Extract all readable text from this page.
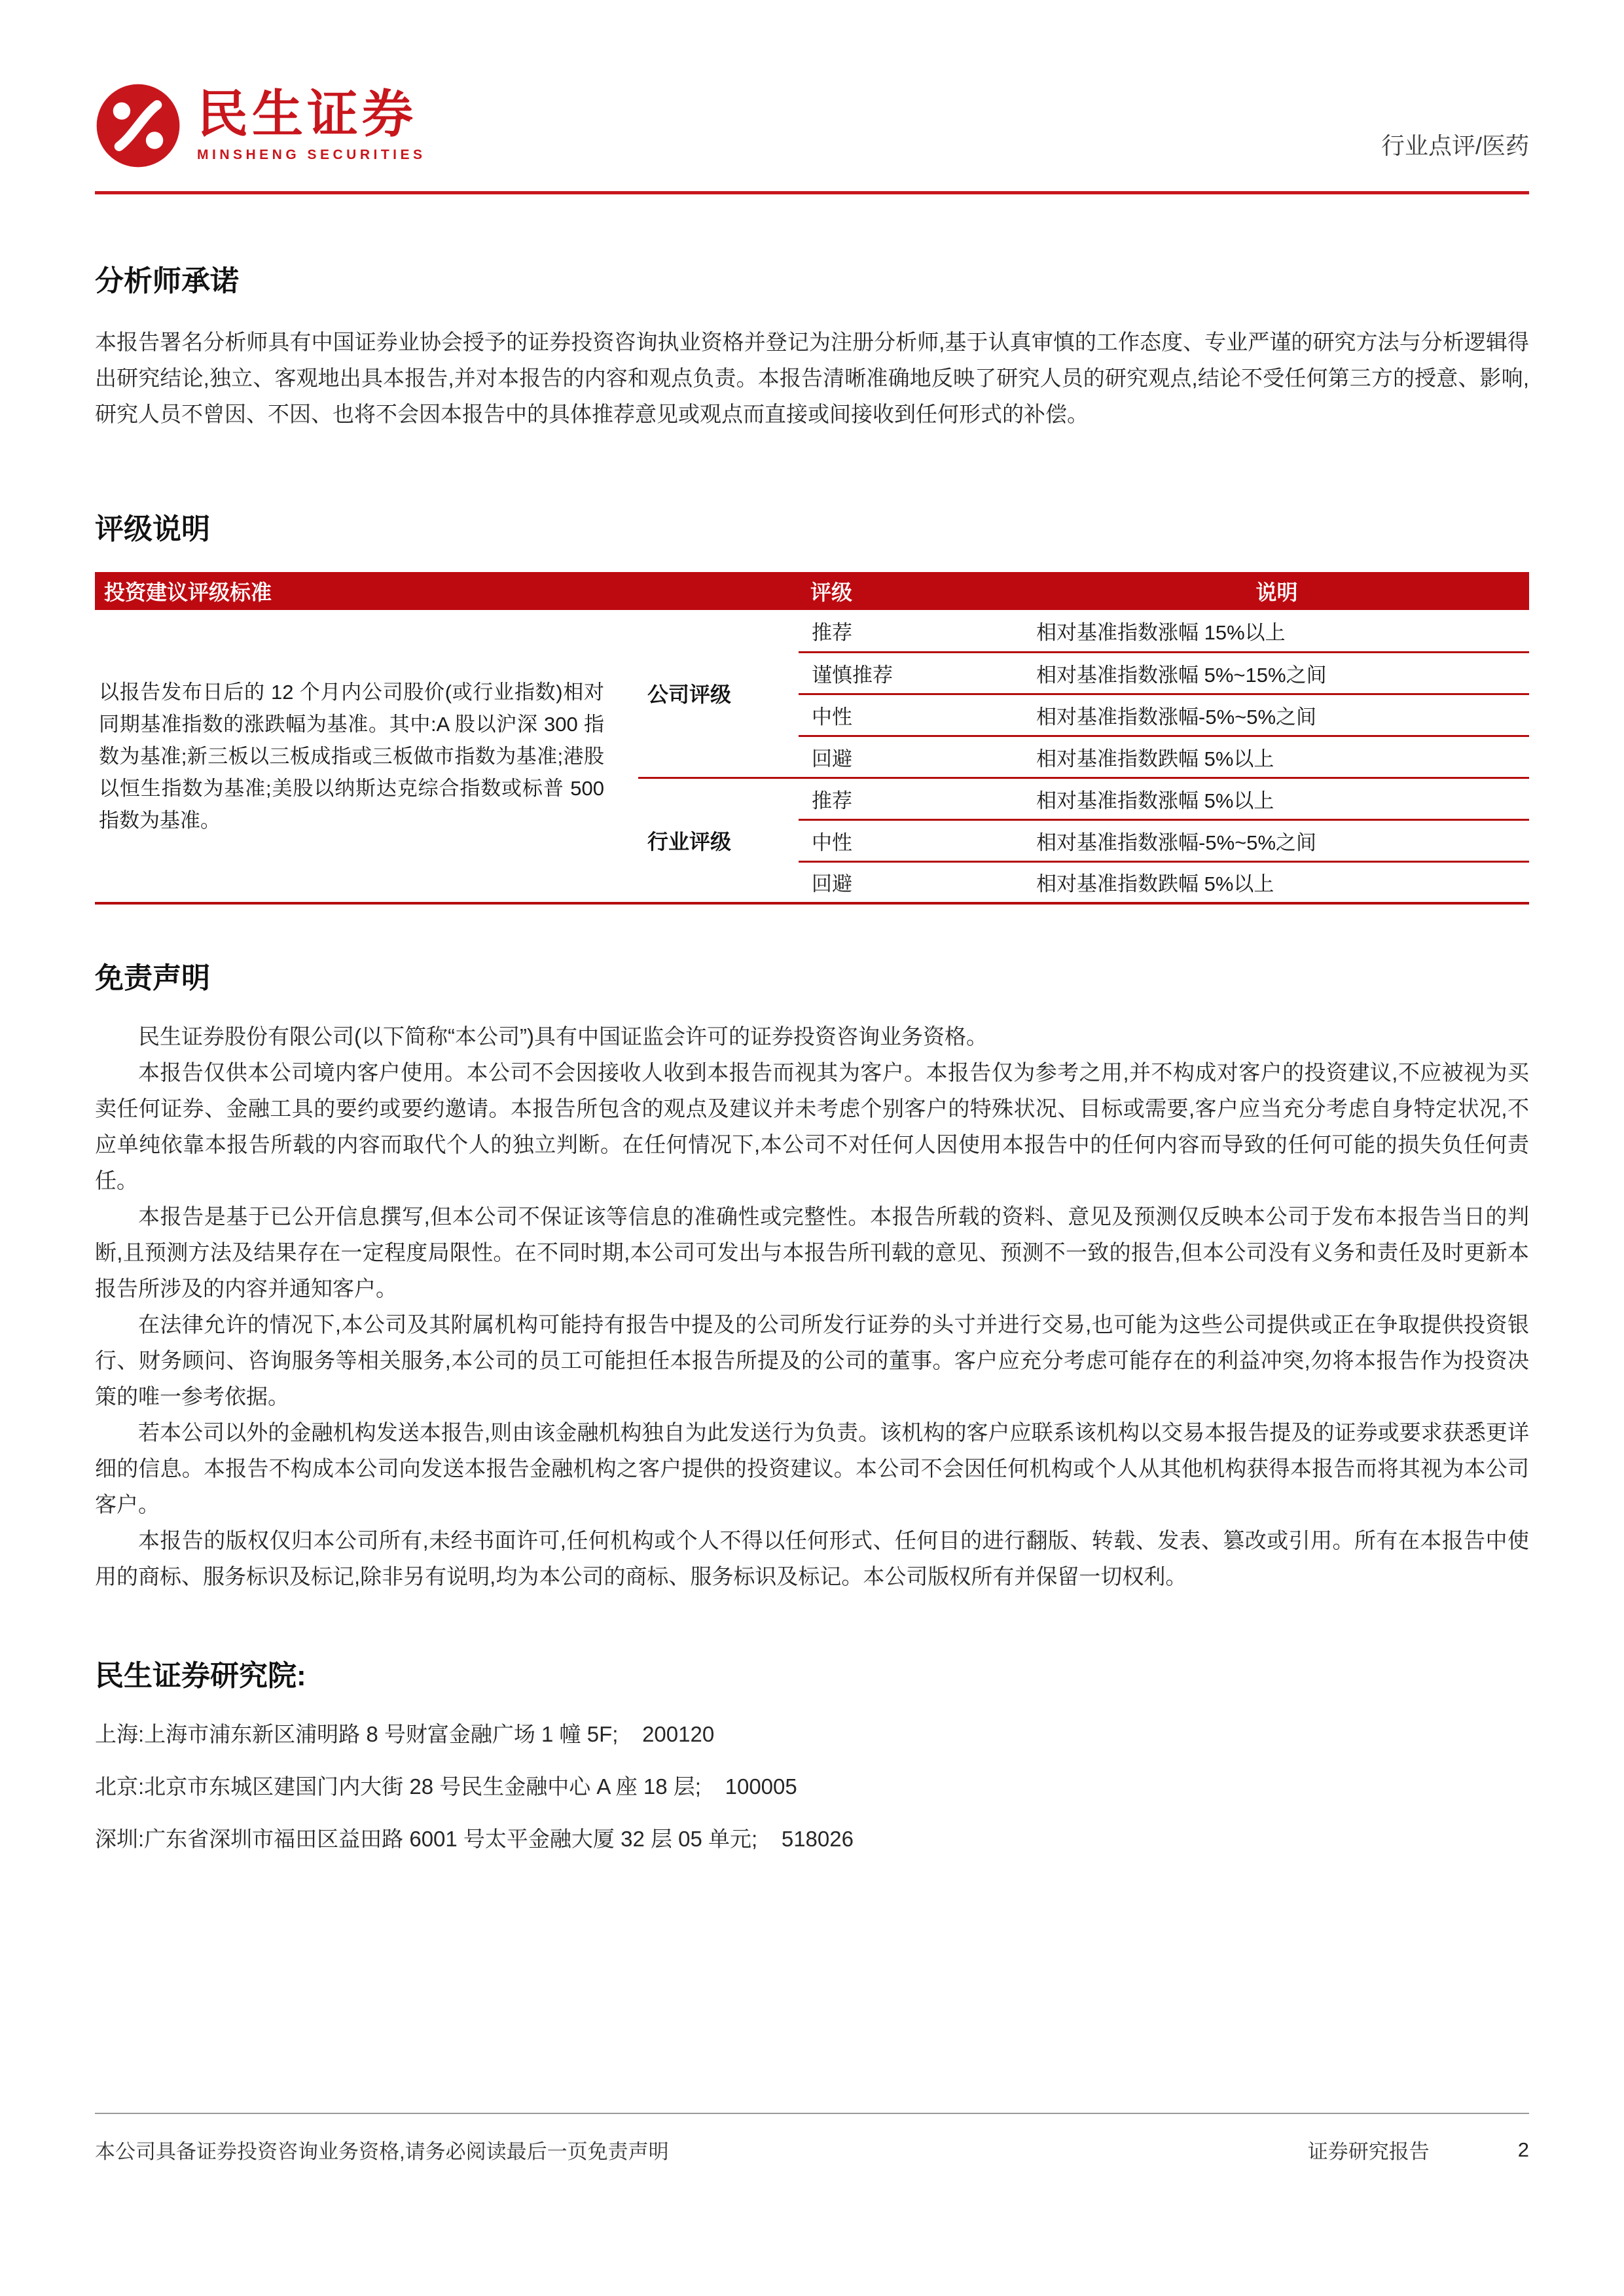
民生证券
MINSHENG SECURITIES	行业点评/医药
分析师承诺
本报告署名分析师具有中国证券业协会授予的证券投资咨询执业资格并登记为注册分析师,基于认真审慎的工作态度、专业严谨的研究方法与分析逻辑得出研究结论,独立、客观地出具本报告,并对本报告的内容和观点负责。本报告清晰准确地反映了研究人员的研究观点,结论不受任何第三方的授意、影响,研究人员不曾因、不因、也将不会因本报告中的具体推荐意见或观点而直接或间接收到任何形式的补偿。
评级说明
投资建议评级标准	评级		说明
以报告发布日后的 12 个月内公司股价(或行业指数)相对同期基准指数的涨跌幅为基准。其中:A 股以沪深 300 指数为基准;新三板以三板成指或三板做市指数为基准;港股以恒生指数为基准;美股以纳斯达克综合指数或标普 500 指数为基准。	公司评级	推荐	相对基准指数涨幅 15%以上
		谨慎推荐	相对基准指数涨幅 5%~15%之间
		中性	相对基准指数涨幅-5%~5%之间
		回避	相对基准指数跌幅 5%以上
	行业评级	推荐	相对基准指数涨幅 5%以上
		中性	相对基准指数涨幅-5%~5%之间
		回避	相对基准指数跌幅 5%以上
免责声明

民生证券股份有限公司(以下简称“本公司”)具有中国证监会许可的证券投资咨询业务资格。

本报告仅供本公司境内客户使用。本公司不会因接收人收到本报告而视其为客户。本报告仅为参考之用,并不构成对客户的投资建议,不应被视为买卖任何证券、金融工具的要约或要约邀请。本报告所包含的观点及建议并未考虑个别客户的特殊状况、目标或需要,客户应当充分考虑自身特定状况,不应单纯依靠本报告所载的内容而取代个人的独立判断。在任何情况下,本公司不对任何人因使用本报告中的任何内容而导致的任何可能的损失负任何责任。

本报告是基于已公开信息撰写,但本公司不保证该等信息的准确性或完整性。本报告所载的资料、意见及预测仅反映本公司于发布本报告当日的判断,且预测方法及结果存在一定程度局限性。在不同时期,本公司可发出与本报告所刊载的意见、预测不一致的报告,但本公司没有义务和责任及时更新本报告所涉及的内容并通知客户。

在法律允许的情况下,本公司及其附属机构可能持有报告中提及的公司所发行证券的头寸并进行交易,也可能为这些公司提供或正在争取提供投资银行、财务顾问、咨询服务等相关服务,本公司的员工可能担任本报告所提及的公司的董事。客户应充分考虑可能存在的利益冲突,勿将本报告作为投资决策的唯一参考依据。

若本公司以外的金融机构发送本报告,则由该金融机构独自为此发送行为负责。该机构的客户应联系该机构以交易本报告提及的证券或要求获悉更详细的信息。本报告不构成本公司向发送本报告金融机构之客户提供的投资建议。本公司不会因任何机构或个人从其他机构获得本报告而将其视为本公司客户。

本报告的版权仅归本公司所有,未经书面许可,任何机构或个人不得以任何形式、任何目的进行翻版、转载、发表、篡改或引用。所有在本报告中使用的商标、服务标识及标记,除非另有说明,均为本公司的商标、服务标识及标记。本公司版权所有并保留一切权利。

民生证券研究院:
上海:上海市浦东新区浦明路 8 号财富金融广场 1 幢 5F;    200120
北京:北京市东城区建国门内大街 28 号民生金融中心 A 座 18 层;    100005
深圳:广东省深圳市福田区益田路 6001 号太平金融大厦 32 层 05 单元;    518026
本公司具备证券投资咨询业务资格,请务必阅读最后一页免责声明	证券研究报告	2
